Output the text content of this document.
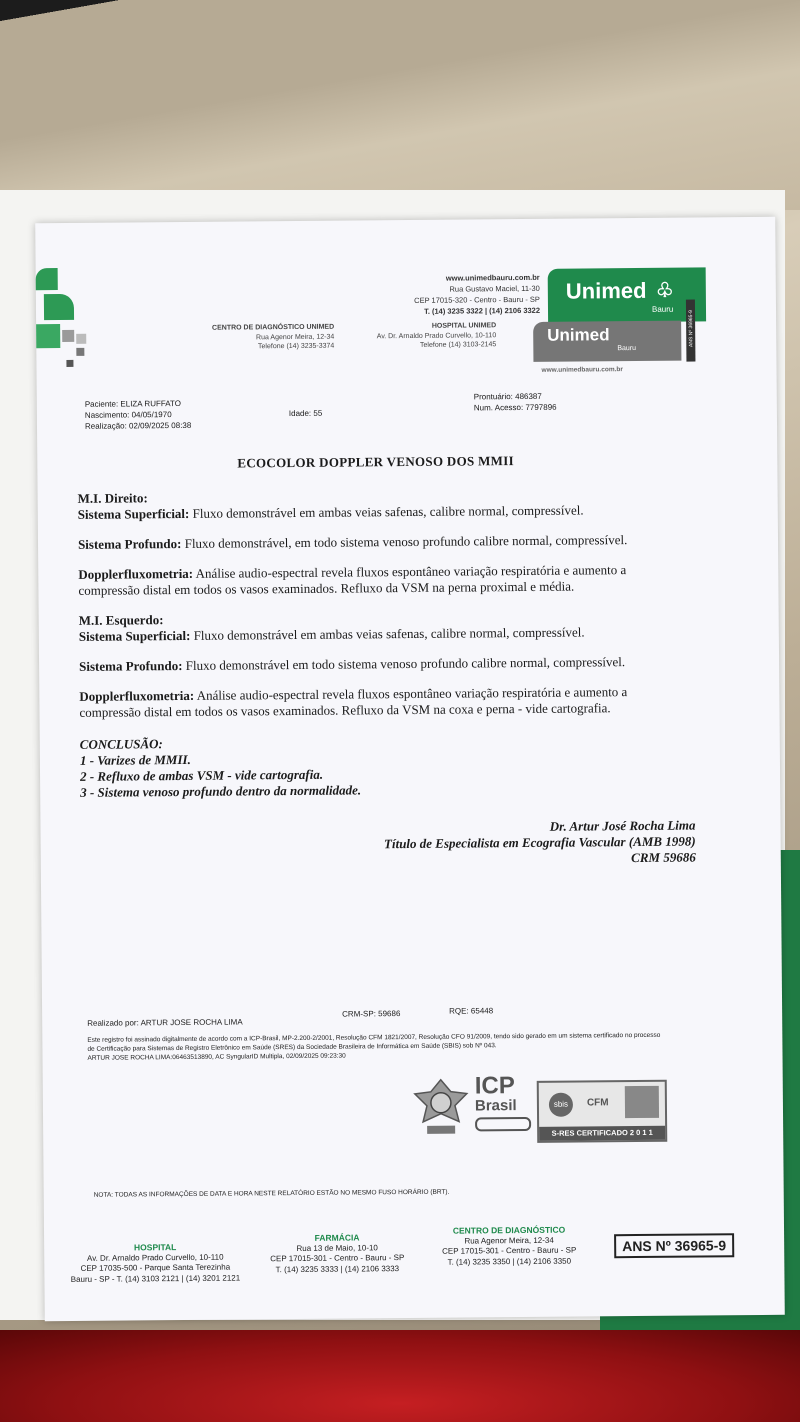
www.unimedbauru.com.br
Rua Gustavo Maciel, 11-30
CEP 17015-320 - Centro - Bauru - SP
T. (14) 3235 3322 | (14) 2106 3322
CENTRO DE DIAGNÓSTICO UNIMED
Rua Agenor Meira, 12-34
Telefone (14) 3235-3374
HOSPITAL UNIMED
Av. Dr. Arnaldo Prado Curvello, 10-110
Telefone (14) 3103-2145
Unimed ♧
Bauru
Unimed
Bauru
ANS Nº 36965-9
www.unimedbauru.com.br
Paciente: ELIZA RUFFATO
Nascimento: 04/05/1970
Realização: 02/09/2025 08:38
Idade: 55
Prontuário: 486387
Num. Acesso: 7797896
ECOCOLOR DOPPLER VENOSO DOS MMII
M.I. Direito:
Sistema Superficial: Fluxo demonstrável em ambas veias safenas, calibre normal, compressível.
Sistema Profundo: Fluxo demonstrável, em todo sistema venoso profundo calibre normal, compressível.
Dopplerfluxometria: Análise audio-espectral revela fluxos espontâneo variação respiratória e aumento a compressão distal em todos os vasos examinados. Refluxo da VSM na perna proximal e média.
M.I. Esquerdo:
Sistema Superficial: Fluxo demonstrável em ambas veias safenas, calibre normal, compressível.
Sistema Profundo: Fluxo demonstrável em todo sistema venoso profundo calibre normal, compressível.
Dopplerfluxometria: Análise audio-espectral revela fluxos espontâneo variação respiratória e aumento a compressão distal em todos os vasos examinados. Refluxo da VSM na coxa e perna - vide cartografia.
CONCLUSÃO:
1 - Varizes de MMII.
2 - Refluxo de ambas VSM - vide cartografia.
3 - Sistema venoso profundo dentro da normalidade.
Dr. Artur José Rocha Lima
Título de Especialista em Ecografia Vascular (AMB 1998)
CRM 59686
Realizado por: ARTUR JOSE ROCHA LIMA
CRM-SP: 59686	RQE: 65448
Este registro foi assinado digitalmente de acordo com a ICP-Brasil, MP-2.200-2/2001, Resolução CFM 1821/2007, Resolução CFO 91/2009, tendo sido gerado em um sistema certificado no processo de Certificação para Sistemas de Registro Eletrônico em Saúde (SRES) da Sociedade Brasileira de Informática em Saúde (SBIS) sob Nº 043.
ARTUR JOSE ROCHA LIMA:06463513890, AC SyngularID Multipla, 02/09/2025 09:23:30
ICP
Brasil	sbis	CFM
S-RES CERTIFICADO 2 0 1 1
NOTA: TODAS AS INFORMAÇÕES DE DATA E HORA NESTE RELATÓRIO ESTÃO NO MESMO FUSO HORÁRIO (BRT).
HOSPITAL
Av. Dr. Arnaldo Prado Curvello, 10-110
CEP 17035-500 - Parque Santa Terezinha
Bauru - SP - T. (14) 3103 2121 | (14) 3201 2121
FARMÁCIA
Rua 13 de Maio, 10-10
CEP 17015-301 - Centro - Bauru - SP
T. (14) 3235 3333 | (14) 2106 3333
CENTRO DE DIAGNÓSTICO
Rua Agenor Meira, 12-34
CEP 17015-301 - Centro - Bauru - SP
T. (14) 3235 3350 | (14) 2106 3350
ANS Nº 36965-9
